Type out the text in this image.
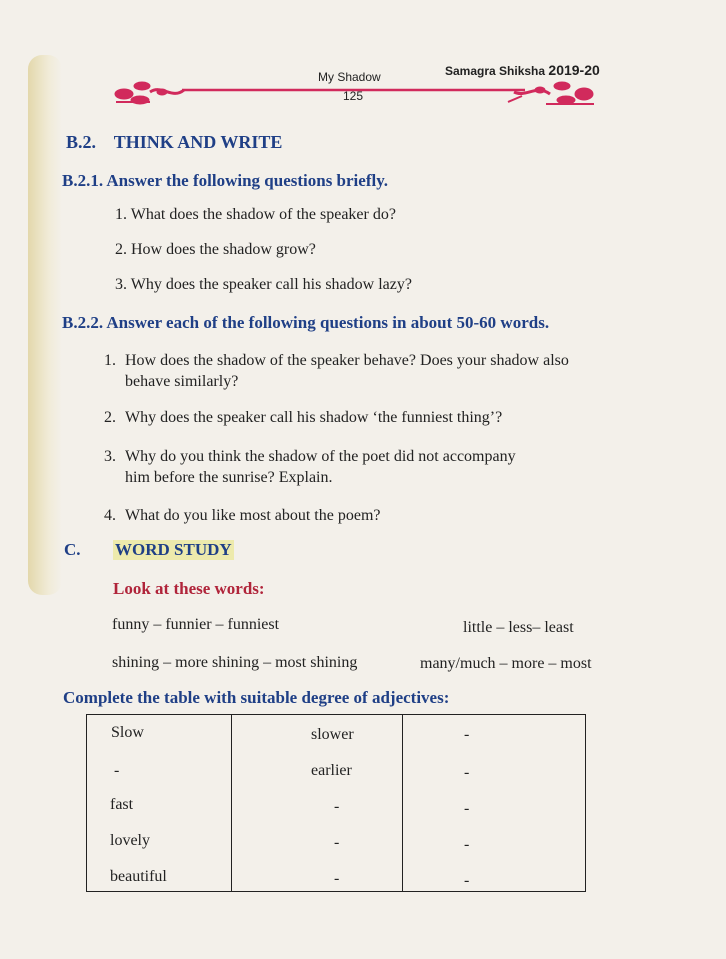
Samagra Shiksha 2019-20
My Shadow
125
B.2. THINK AND WRITE
B.2.1. Answer the following questions briefly.
1. What does the shadow of the speaker do?
2. How does the shadow grow?
3. Why does the speaker call his shadow lazy?
B.2.2. Answer each of the following questions in about 50-60 words.
1. How does the shadow of the speaker behave? Does your shadow also
behave similarly?
2. Why does the speaker call his shadow ‘the funniest thing’?
3. Why do you think the shadow of the poet did not accompany
him before the sunrise? Explain.
4. What do you like most about the poem?
C. WORD STUDY
Look at these words:
funny – funnier – funniest	little – less– least
shining – more shining – most shining	many/much – more – most
Complete the table with suitable degree of adjectives:

Slow	slower	-
-	earlier	-
fast	-	-
lovely	-	-
beautiful	-	-
